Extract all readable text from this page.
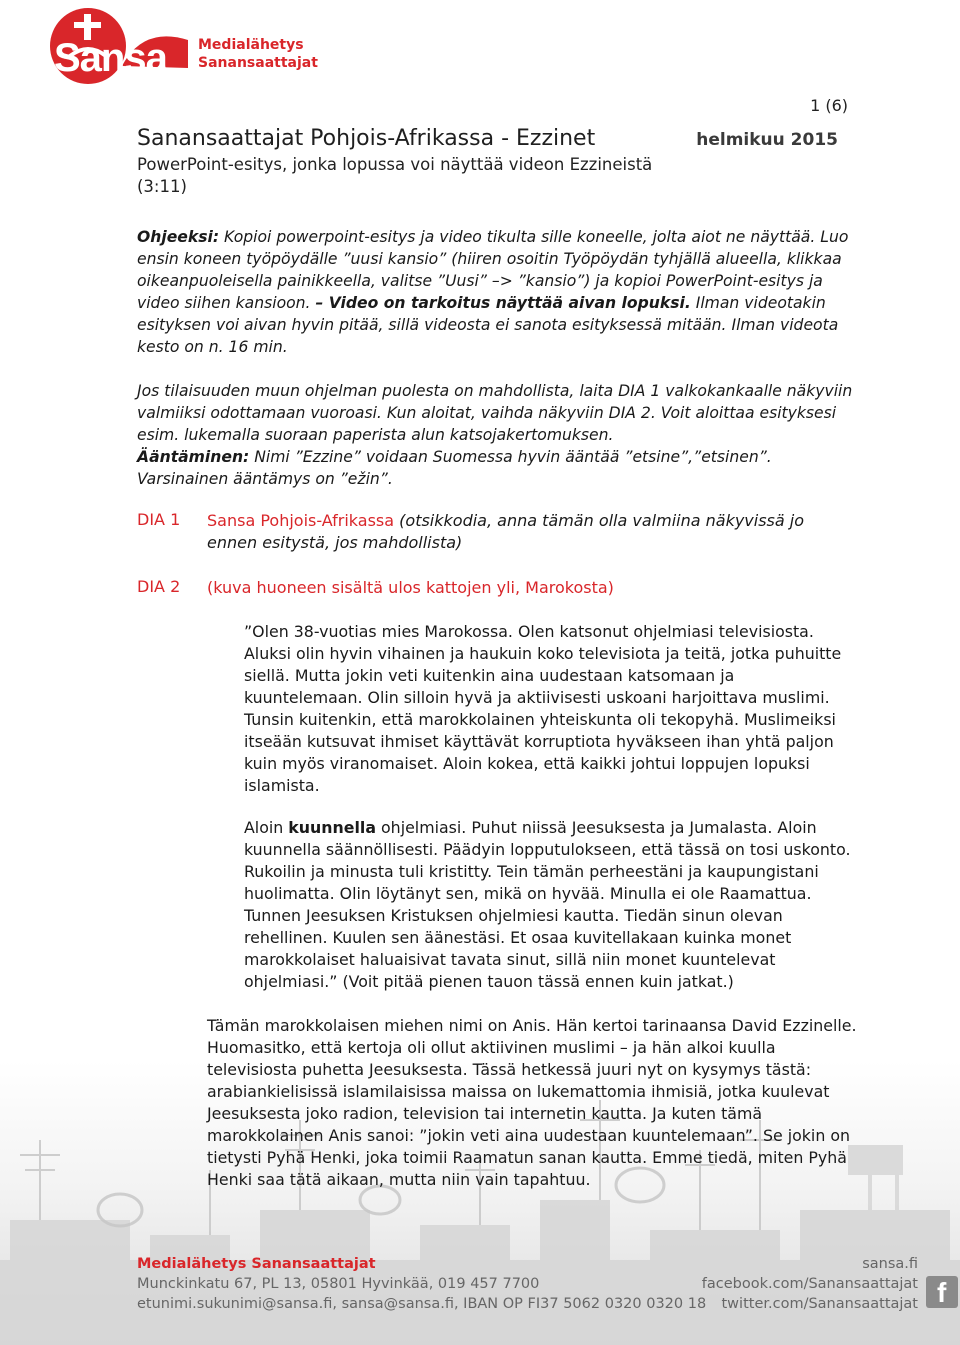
Sansa Medialähetys
Sanansaattajat
1 (6)
helmikuu 2015
Sanansaattajat Pohjois-Afrikassa - Ezzinet
PowerPoint-esitys, jonka lopussa voi näyttää videon Ezzineistä (3:11)
Ohjeeksi: Kopioi powerpoint-esitys ja video tikulta sille koneelle, jolta aiot ne näyttää. Luo ensin koneen työpöydälle ”uusi kansio” (hiiren osoitin Työpöydän tyhjällä alueella, klikkaa oikeanpuoleisella painikkeella, valitse ”Uusi” –> ”kansio”) ja kopioi PowerPoint-esitys ja video siihen kansioon. – Video on tarkoitus näyttää aivan lopuksi. Ilman videotakin esityksen voi aivan hyvin pitää, sillä videosta ei sanota esityksessä mitään. Ilman videota kesto on n. 16 min.
Jos tilaisuuden muun ohjelman puolesta on mahdollista, laita DIA 1 valkokankaalle näkyviin valmiiksi odottamaan vuoroasi. Kun aloitat, vaihda näkyviin DIA 2. Voit aloittaa esityksesi esim. lukemalla suoraan paperista alun katsojakertomuksen.
Ääntäminen: Nimi ”Ezzine” voidaan Suomessa hyvin ääntää ”etsine”,”etsinen”. Varsinainen ääntämys on ”ežin”.
DIA 1 Sansa Pohjois-Afrikassa (otsikkodia, anna tämän olla valmiina näkyvissä jo ennen esitystä, jos mahdollista)
DIA 2 (kuva huoneen sisältä ulos kattojen yli, Marokosta)
”Olen 38-vuotias mies Marokossa. Olen katsonut ohjelmiasi televisiosta. Aluksi olin hyvin vihainen ja haukuin koko televisiota ja teitä, jotka puhuitte siellä. Mutta jokin veti kuitenkin aina uudestaan katsomaan ja kuuntelemaan. Olin silloin hyvä ja aktiivisesti uskoani harjoittava muslimi. Tunsin kuitenkin, että marokkolainen yhteiskunta oli tekopyhä. Muslimeiksi itseään kutsuvat ihmiset käyttävät korruptiota hyväkseen ihan yhtä paljon kuin myös viranomaiset. Aloin kokea, että kaikki johtui loppujen lopuksi islamista.
Aloin kuunnella ohjelmiasi. Puhut niissä Jeesuksesta ja Jumalasta. Aloin kuunnella säännöllisesti. Päädyin lopputulokseen, että tässä on tosi uskonto. Rukoilin ja minusta tuli kristitty. Tein tämän perheestäni ja kaupungistani huolimatta. Olin löytänyt sen, mikä on hyvää. Minulla ei ole Raamattua. Tunnen Jeesuksen Kristuksen ohjelmiesi kautta. Tiedän sinun olevan rehellinen. Kuulen sen äänestäsi. Et osaa kuvitellakaan kuinka monet marokkolaiset haluaisivat tavata sinut, sillä niin monet kuuntelevat ohjelmiasi.” (Voit pitää pienen tauon tässä ennen kuin jatkat.)
Tämän marokkolaisen miehen nimi on Anis. Hän kertoi tarinaansa David Ezzinelle. Huomasitko, että kertoja oli ollut aktiivinen muslimi – ja hän alkoi kuulla televisiosta puhetta Jeesuksesta. Tässä hetkessä juuri nyt on kysymys tästä: arabiankielisissä islamilaisissa maissa on lukemattomia ihmisiä, jotka kuulevat Jeesuksesta joko radion, television tai internetin kautta. Ja kuten tämä marokkolainen Anis sanoi: ”jokin veti aina uudestaan kuuntelemaan”. Se jokin on tietysti Pyhä Henki, joka toimii Raamatun sanan kautta. Emme tiedä, miten Pyhä Henki saa tätä aikaan, mutta niin vain tapahtuu.
Medialähetys Sanansaattajat
Munckinkatu 67, PL 13, 05801 Hyvinkää, 019 457 7700
etunimi.sukunimi@sansa.fi, sansa@sansa.fi, IBAN OP FI37 5062 0320 0320 18
sansa.fi
facebook.com/Sanansaattajat
twitter.com/Sanansaattajat f
